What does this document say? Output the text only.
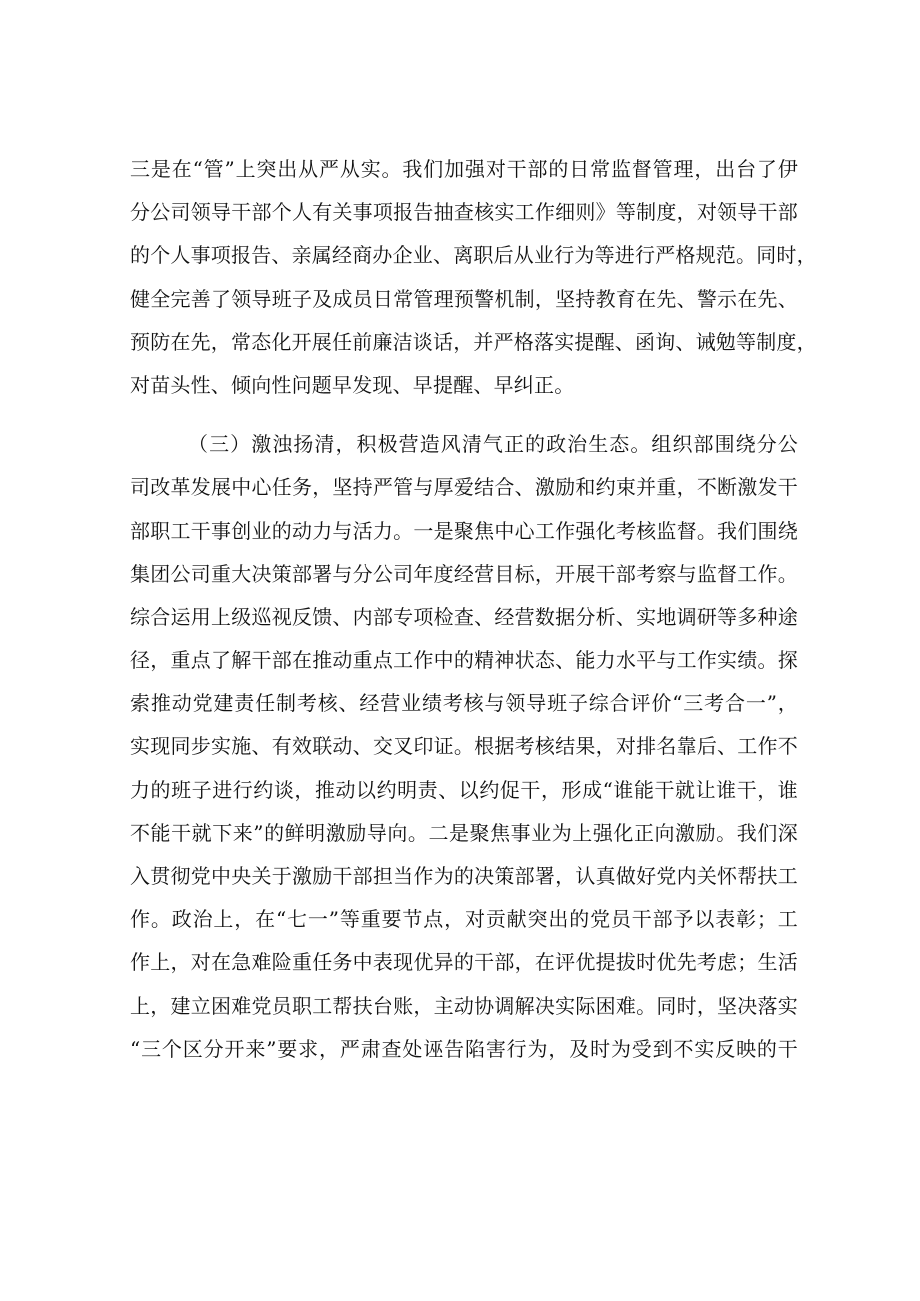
三是在“管”上突出从严从实。我们加强对干部的日常监督管理，出台了伊
分公司领导干部个人有关事项报告抽查核实工作细则》等制度，对领导干部
的个人事项报告、亲属经商办企业、离职后从业行为等进行严格规范。同时，
健全完善了领导班子及成员日常管理预警机制，坚持教育在先、警示在先、
预防在先，常态化开展任前廉洁谈话，并严格落实提醒、函询、诫勉等制度，
对苗头性、倾向性问题早发现、早提醒、早纠正。
（三）激浊扬清，积极营造风清气正的政治生态。组织部围绕分公
司改革发展中心任务，坚持严管与厚爱结合、激励和约束并重，不断激发干
部职工干事创业的动力与活力。一是聚焦中心工作强化考核监督。我们围绕
集团公司重大决策部署与分公司年度经营目标，开展干部考察与监督工作。
综合运用上级巡视反馈、内部专项检查、经营数据分析、实地调研等多种途
径，重点了解干部在推动重点工作中的精神状态、能力水平与工作实绩。探
索推动党建责任制考核、经营业绩考核与领导班子综合评价“三考合一”，
实现同步实施、有效联动、交叉印证。根据考核结果，对排名靠后、工作不
力的班子进行约谈，推动以约明责、以约促干，形成“谁能干就让谁干，谁
不能干就下来”的鲜明激励导向。二是聚焦事业为上强化正向激励。我们深
入贯彻党中央关于激励干部担当作为的决策部署，认真做好党内关怀帮扶工
作。政治上，在“七一”等重要节点，对贡献突出的党员干部予以表彰；工
作上，对在急难险重任务中表现优异的干部，在评优提拔时优先考虑；生活
上，建立困难党员职工帮扶台账，主动协调解决实际困难。同时，坚决落实
“三个区分开来”要求，严肃查处诬告陷害行为，及时为受到不实反映的干
